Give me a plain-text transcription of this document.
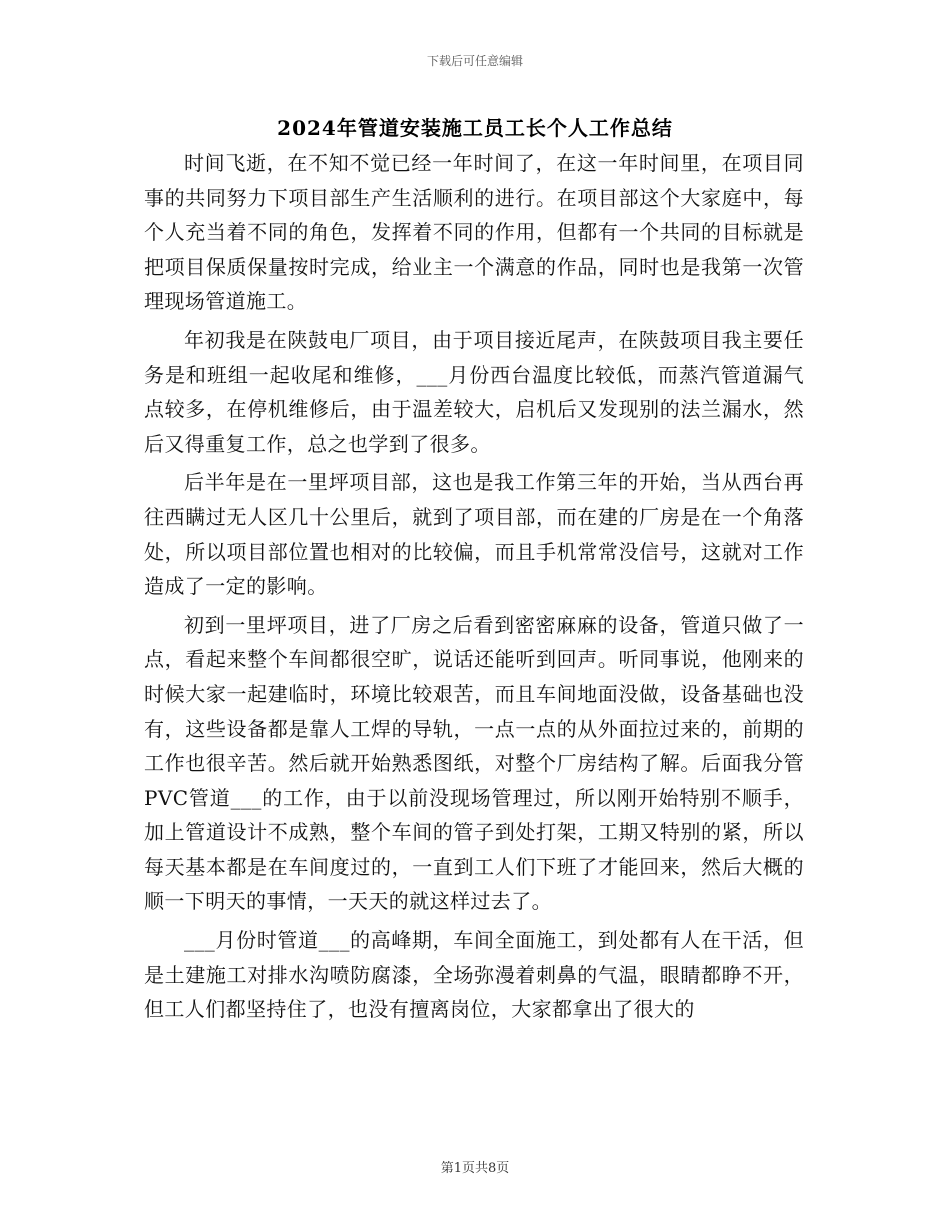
下载后可任意编辑
2024年管道安装施工员工长个人工作总结

时间飞逝，在不知不觉已经一年时间了，在这一年时间里，在项目同事的共同努力下项目部生产生活顺利的进行。在项目部这个大家庭中，每个人充当着不同的角色，发挥着不同的作用，但都有一个共同的目标就是把项目保质保量按时完成，给业主一个满意的作品，同时也是我第一次管理现场管道施工。

年初我是在陕鼓电厂项目，由于项目接近尾声，在陕鼓项目我主要任务是和班组一起收尾和维修，___月份西台温度比较低，而蒸汽管道漏气点较多，在停机维修后，由于温差较大，启机后又发现别的法兰漏水，然后又得重复工作，总之也学到了很多。

后半年是在一里坪项目部，这也是我工作第三年的开始，当从西台再往西瞒过无人区几十公里后，就到了项目部，而在建的厂房是在一个角落处，所以项目部位置也相对的比较偏，而且手机常常没信号，这就对工作造成了一定的影响。

初到一里坪项目，进了厂房之后看到密密麻麻的设备，管道只做了一点，看起来整个车间都很空旷，说话还能听到回声。听同事说，他刚来的时候大家一起建临时，环境比较艰苦，而且车间地面没做，设备基础也没有，这些设备都是靠人工焊的导轨，一点一点的从外面拉过来的，前期的工作也很辛苦。然后就开始熟悉图纸，对整个厂房结构了解。后面我分管PVC管道___的工作，由于以前没现场管理过，所以刚开始特别不顺手，加上管道设计不成熟，整个车间的管子到处打架，工期又特别的紧，所以每天基本都是在车间度过的，一直到工人们下班了才能回来，然后大概的顺一下明天的事情，一天天的就这样过去了。

___月份时管道___的高峰期，车间全面施工，到处都有人在干活，但是土建施工对排水沟喷防腐漆，全场弥漫着刺鼻的气温，眼睛都睁不开，但工人们都坚持住了，也没有擅离岗位，大家都拿出了很大的

第1页共8页
